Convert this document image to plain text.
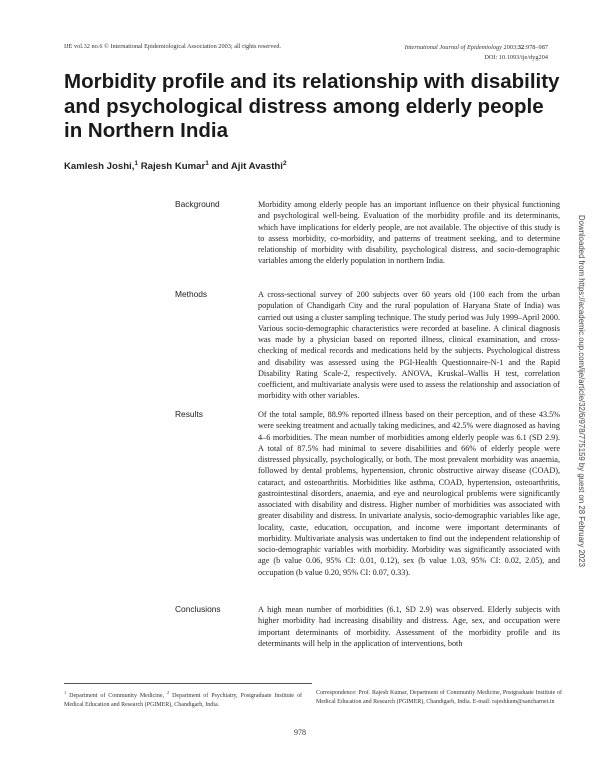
IJE vol.32 no.6 © International Epidemiological Association 2003; all rights reserved.	International Journal of Epidemiology 2003;32:978–987
DOI: 10.1093/ije/dyg204
Morbidity profile and its relationship with disability and psychological distress among elderly people in Northern India
Kamlesh Joshi,$^1$ Rajesh Kumar$^1$ and Ajit Avasthi$^2$
Background	Morbidity among elderly people has an important influence on their physical functioning and psychological well-being. Evaluation of the morbidity profile and its determinants, which have implications for elderly people, are not available. The objective of this study is to assess morbidity, co-morbidity, and patterns of treatment seeking, and to determine relationship of morbidity with disability, psychological distress, and socio-demographic variables among the elderly population in northern India.

Methods	A cross-sectional survey of 200 subjects over 60 years old (100 each from the urban population of Chandigarh City and the rural population of Haryana State of India) was carried out using a cluster sampling technique. The study period was July 1999–April 2000. Various socio-demographic characteristics were recorded at baseline. A clinical diagnosis was made by a physician based on reported illness, clinical examination, and cross-checking of medical records and medications held by the subjects. Psychological distress and disability was assessed using the PGI-Health Questionnaire-N-1 and the Rapid Disability Rating Scale-2, respectively. ANOVA, Kruskal–Wallis H test, correlation coefficient, and multivariate analysis were used to assess the relationship and association of morbidity with other variables.

Results	Of the total sample, 88.9% reported illness based on their perception, and of these 43.5% were seeking treatment and actually taking medicines, and 42.5% were diagnosed as having 4–6 morbidities. The mean number of morbidities among elderly people was 6.1 (SD 2.9). A total of 87.5% had minimal to severe disabilities and 66% of elderly people were distressed physically, psychologically, or both. The most prevalent morbidity was anaemia, followed by dental problems, hypertension, chronic obstructive airway disease (COAD), cataract, and osteoarthritis. Morbidities like asthma, COAD, hypertension, osteoarthritis, gastrointestinal disorders, anaemia, and eye and neurological problems were significantly associated with disability and distress. Higher number of morbidities was associated with greater disability and distress. In univariate analysis, socio-demographic variables like age, locality, caste, education, occupation, and income were important determinants of morbidity. Multivariate analysis was undertaken to find out the independent relationship of socio-demographic variables with morbidity. Morbidity was significantly associated with age (b value 0.06, 95% CI: 0.01, 0.12), sex (b value 1.03, 95% CI: 0.02, 2.05), and occupation (b value 0.20, 95% CI: 0.07, 0.33).

Conclusions	A high mean number of morbidities (6.1, SD 2.9) was observed. Elderly subjects with higher morbidity had increasing disability and distress. Age, sex, and occupation were important determinants of morbidity. Assessment of the morbidity profile and its determinants will help in the application of interventions, both

Downloaded from https://academic.oup.com/ije/article/32/6/978/775159 by guest on 28 February 2023

$^1$ Department of Community Medicine, $^2$ Department of Psychiatry, Postgraduate Institute of Medical Education and Research (PGIMER), Chandigarh, India.

Correspondence: Prof. Rajesh Kumar, Department of Community Medicine, Postgraduate Institute of Medical Education and Research (PGIMER), Chandigarh, India. E-mail: rajeshkum@sancharnet.in

978
